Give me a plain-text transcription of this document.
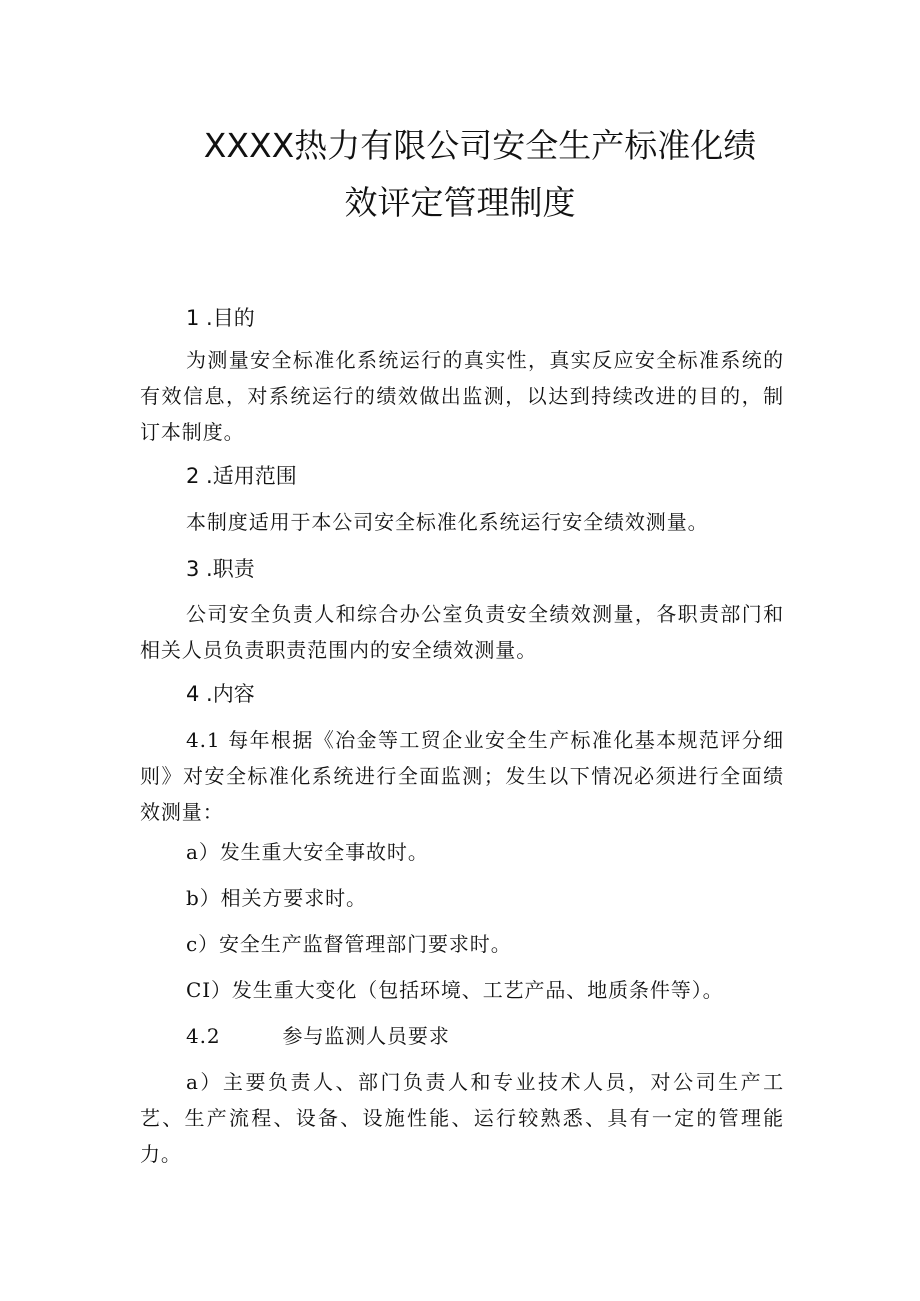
XXXX热力有限公司安全生产标准化绩
效评定管理制度
1 .目的

为测量安全标准化系统运行的真实性，真实反应安全标准系统的有效信息，对系统运行的绩效做出监测，以达到持续改进的目的，制订本制度。

2 .适用范围

本制度适用于本公司安全标准化系统运行安全绩效测量。

3 .职责

公司安全负责人和综合办公室负责安全绩效测量，各职责部门和相关人员负责职责范围内的安全绩效测量。

4 .内容

4.1 每年根据《冶金等工贸企业安全生产标准化基本规范评分细则》对安全标准化系统进行全面监测；发生以下情况必须进行全面绩效测量：

a）发生重大安全事故时。

b）相关方要求时。

c）安全生产监督管理部门要求时。

CI）发生重大变化（包括环境、工艺产品、地质条件等）。

4.2	参与监测人员要求

a）主要负责人、部门负责人和专业技术人员，对公司生产工艺、生产流程、设备、设施性能、运行较熟悉、具有一定的管理能力。
